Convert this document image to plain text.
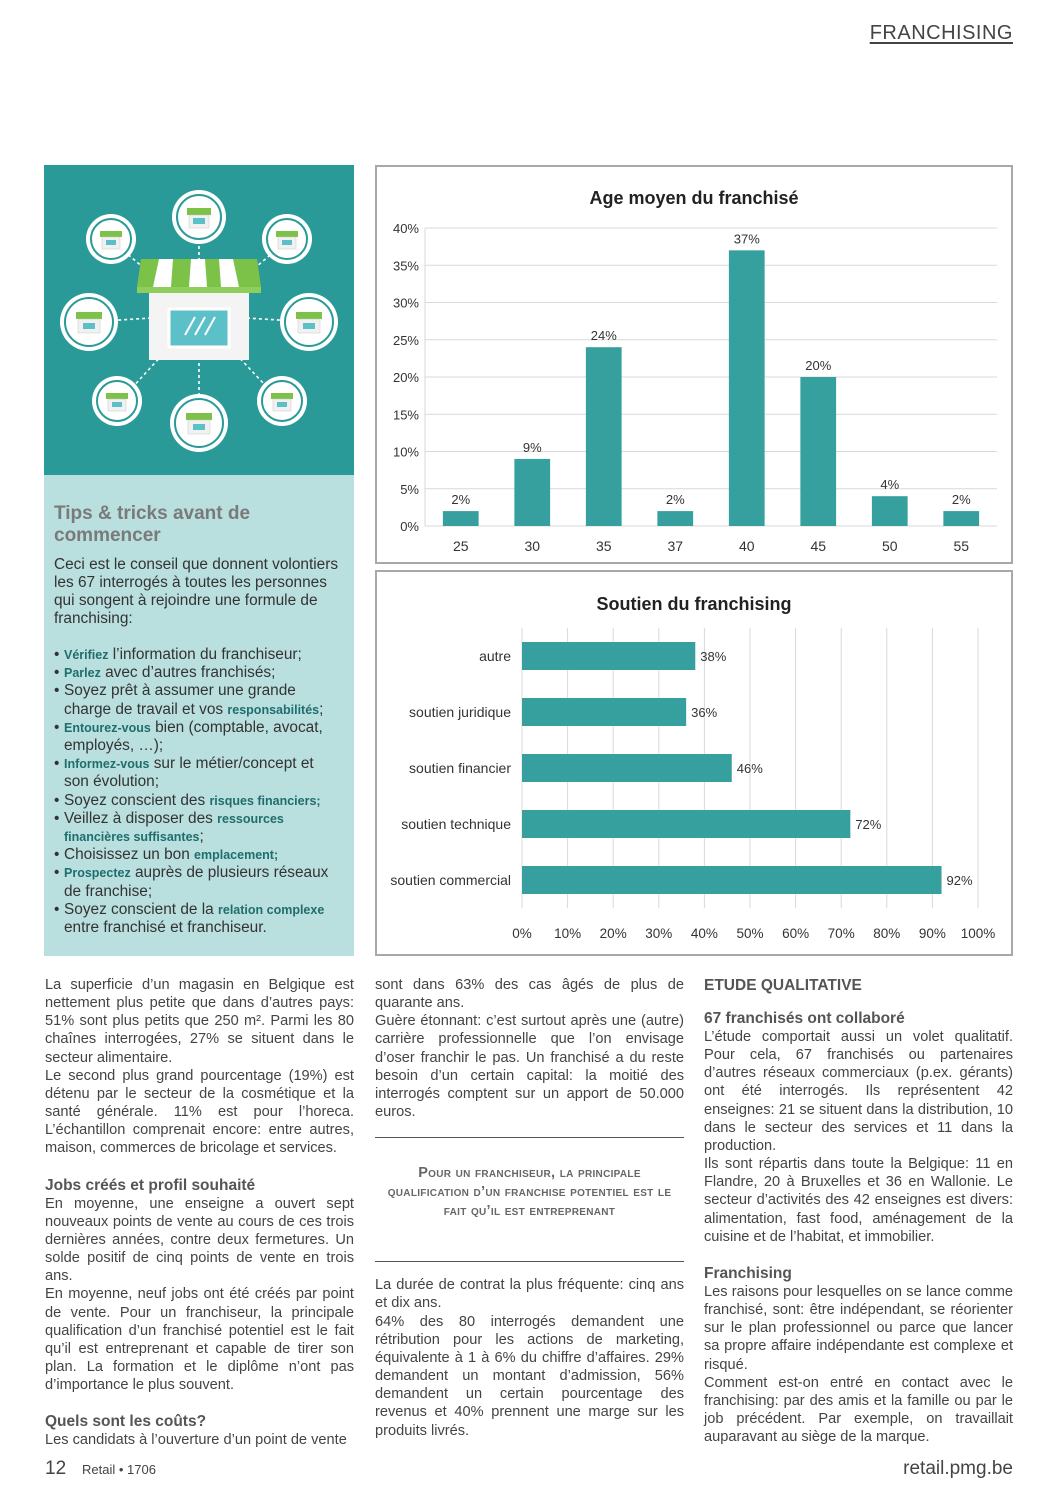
FRANCHISING
Tips & tricks avant de commencer
Ceci est le conseil que donnent volontiers les 67 interrogés à toutes les personnes qui songent à rejoindre une formule de franchising:
• Vérifiez l’information du franchiseur;
• Parlez avec d’autres franchisés;
• Soyez prêt à assumer une grande charge de travail et vos responsabilités;
• Entourez-vous bien (comptable, avocat, employés, …);
• Informez-vous sur le métier/concept et son évolution;
• Soyez conscient des risques financiers;
• Veillez à disposer des ressources financières suffisantes;
• Choisissez un bon emplacement;
• Prospectez auprès de plusieurs réseaux de franchise;
• Soyez conscient de la relation complexe entre franchisé et franchiseur.
Age moyen du franchisé
0%
5%
10%
15%
20%
25%
30%
35%
40%
2%
25
9%
30
24%
35
2%
37
37%
40
20%
45
4%
50
2%
55
Soutien du franchising
0% 10% 20% 30% 40% 50% 60% 70% 80% 90% 100%
38%
autre
36%
soutien juridique
46%
soutien financier
72%
soutien technique
92%
soutien commercial

La superficie d’un magasin en Belgique est nettement plus petite que dans d’autres pays: 51% sont plus petits que 250 m². Parmi les 80 chaînes interrogées, 27% se situent dans le secteur alimentaire.

Le second plus grand pourcentage (19%) est détenu par le secteur de la cosmétique et la santé générale. 11% est pour l’horeca. L’échantillon comprenait encore: entre autres, maison, commerces de bricolage et services.

Jobs créés et profil souhaité

En moyenne, une enseigne a ouvert sept nouveaux points de vente au cours de ces trois dernières années, contre deux fermetures. Un solde positif de cinq points de vente en trois ans.

En moyenne, neuf jobs ont été créés par point de vente. Pour un franchiseur, la principale qualification d’un franchisé potentiel est le fait qu’il est entreprenant et capable de tirer son plan. La formation et le diplôme n’ont pas d’importance le plus souvent.

Quels sont les coûts?

Les candidats à l’ouverture d’un point de vente

sont dans 63% des cas âgés de plus de quarante ans.

Guère étonnant: c’est surtout après une (autre) carrière professionnelle que l’on envisage d’oser franchir le pas. Un franchisé a du reste besoin d’un certain capital: la moitié des interrogés comptent sur un apport de 50.000 euros.

Pour un franchiseur, la principale qualification d’un franchise potentiel est le fait qu’il est entreprenant

La durée de contrat la plus fréquente: cinq ans et dix ans.

64% des 80 interrogés demandent une rétribution pour les actions de marketing, équivalente à 1 à 6% du chiffre d’affaires. 29% demandent un montant d’admission, 56% demandent un certain pourcentage des revenus et 40% prennent une marge sur les produits livrés.

ETUDE QUALITATIVE
67 franchisés ont collaboré

L’étude comportait aussi un volet qualitatif. Pour cela, 67 franchisés ou partenaires d’autres réseaux commerciaux (p.ex. gérants) ont été interrogés. Ils représentent 42 enseignes: 21 se situent dans la distribution, 10 dans le secteur des services et 11 dans la production.

Ils sont répartis dans toute la Belgique: 11 en Flandre, 20 à Bruxelles et 36 en Wallonie. Le secteur d’activités des 42 enseignes est divers: alimentation, fast food, aménagement de la cuisine et de l’habitat, et immobilier.

Franchising

Les raisons pour lesquelles on se lance comme franchisé, sont: être indépendant, se réorienter sur le plan professionnel ou parce que lancer sa propre affaire indépendante est complexe et risqué.

Comment est-on entré en contact avec le franchising: par des amis et la famille ou par le job précédent. Par exemple, on travaillait auparavant au siège de la marque.

12 Retail • 1706	retail.pmg.be
